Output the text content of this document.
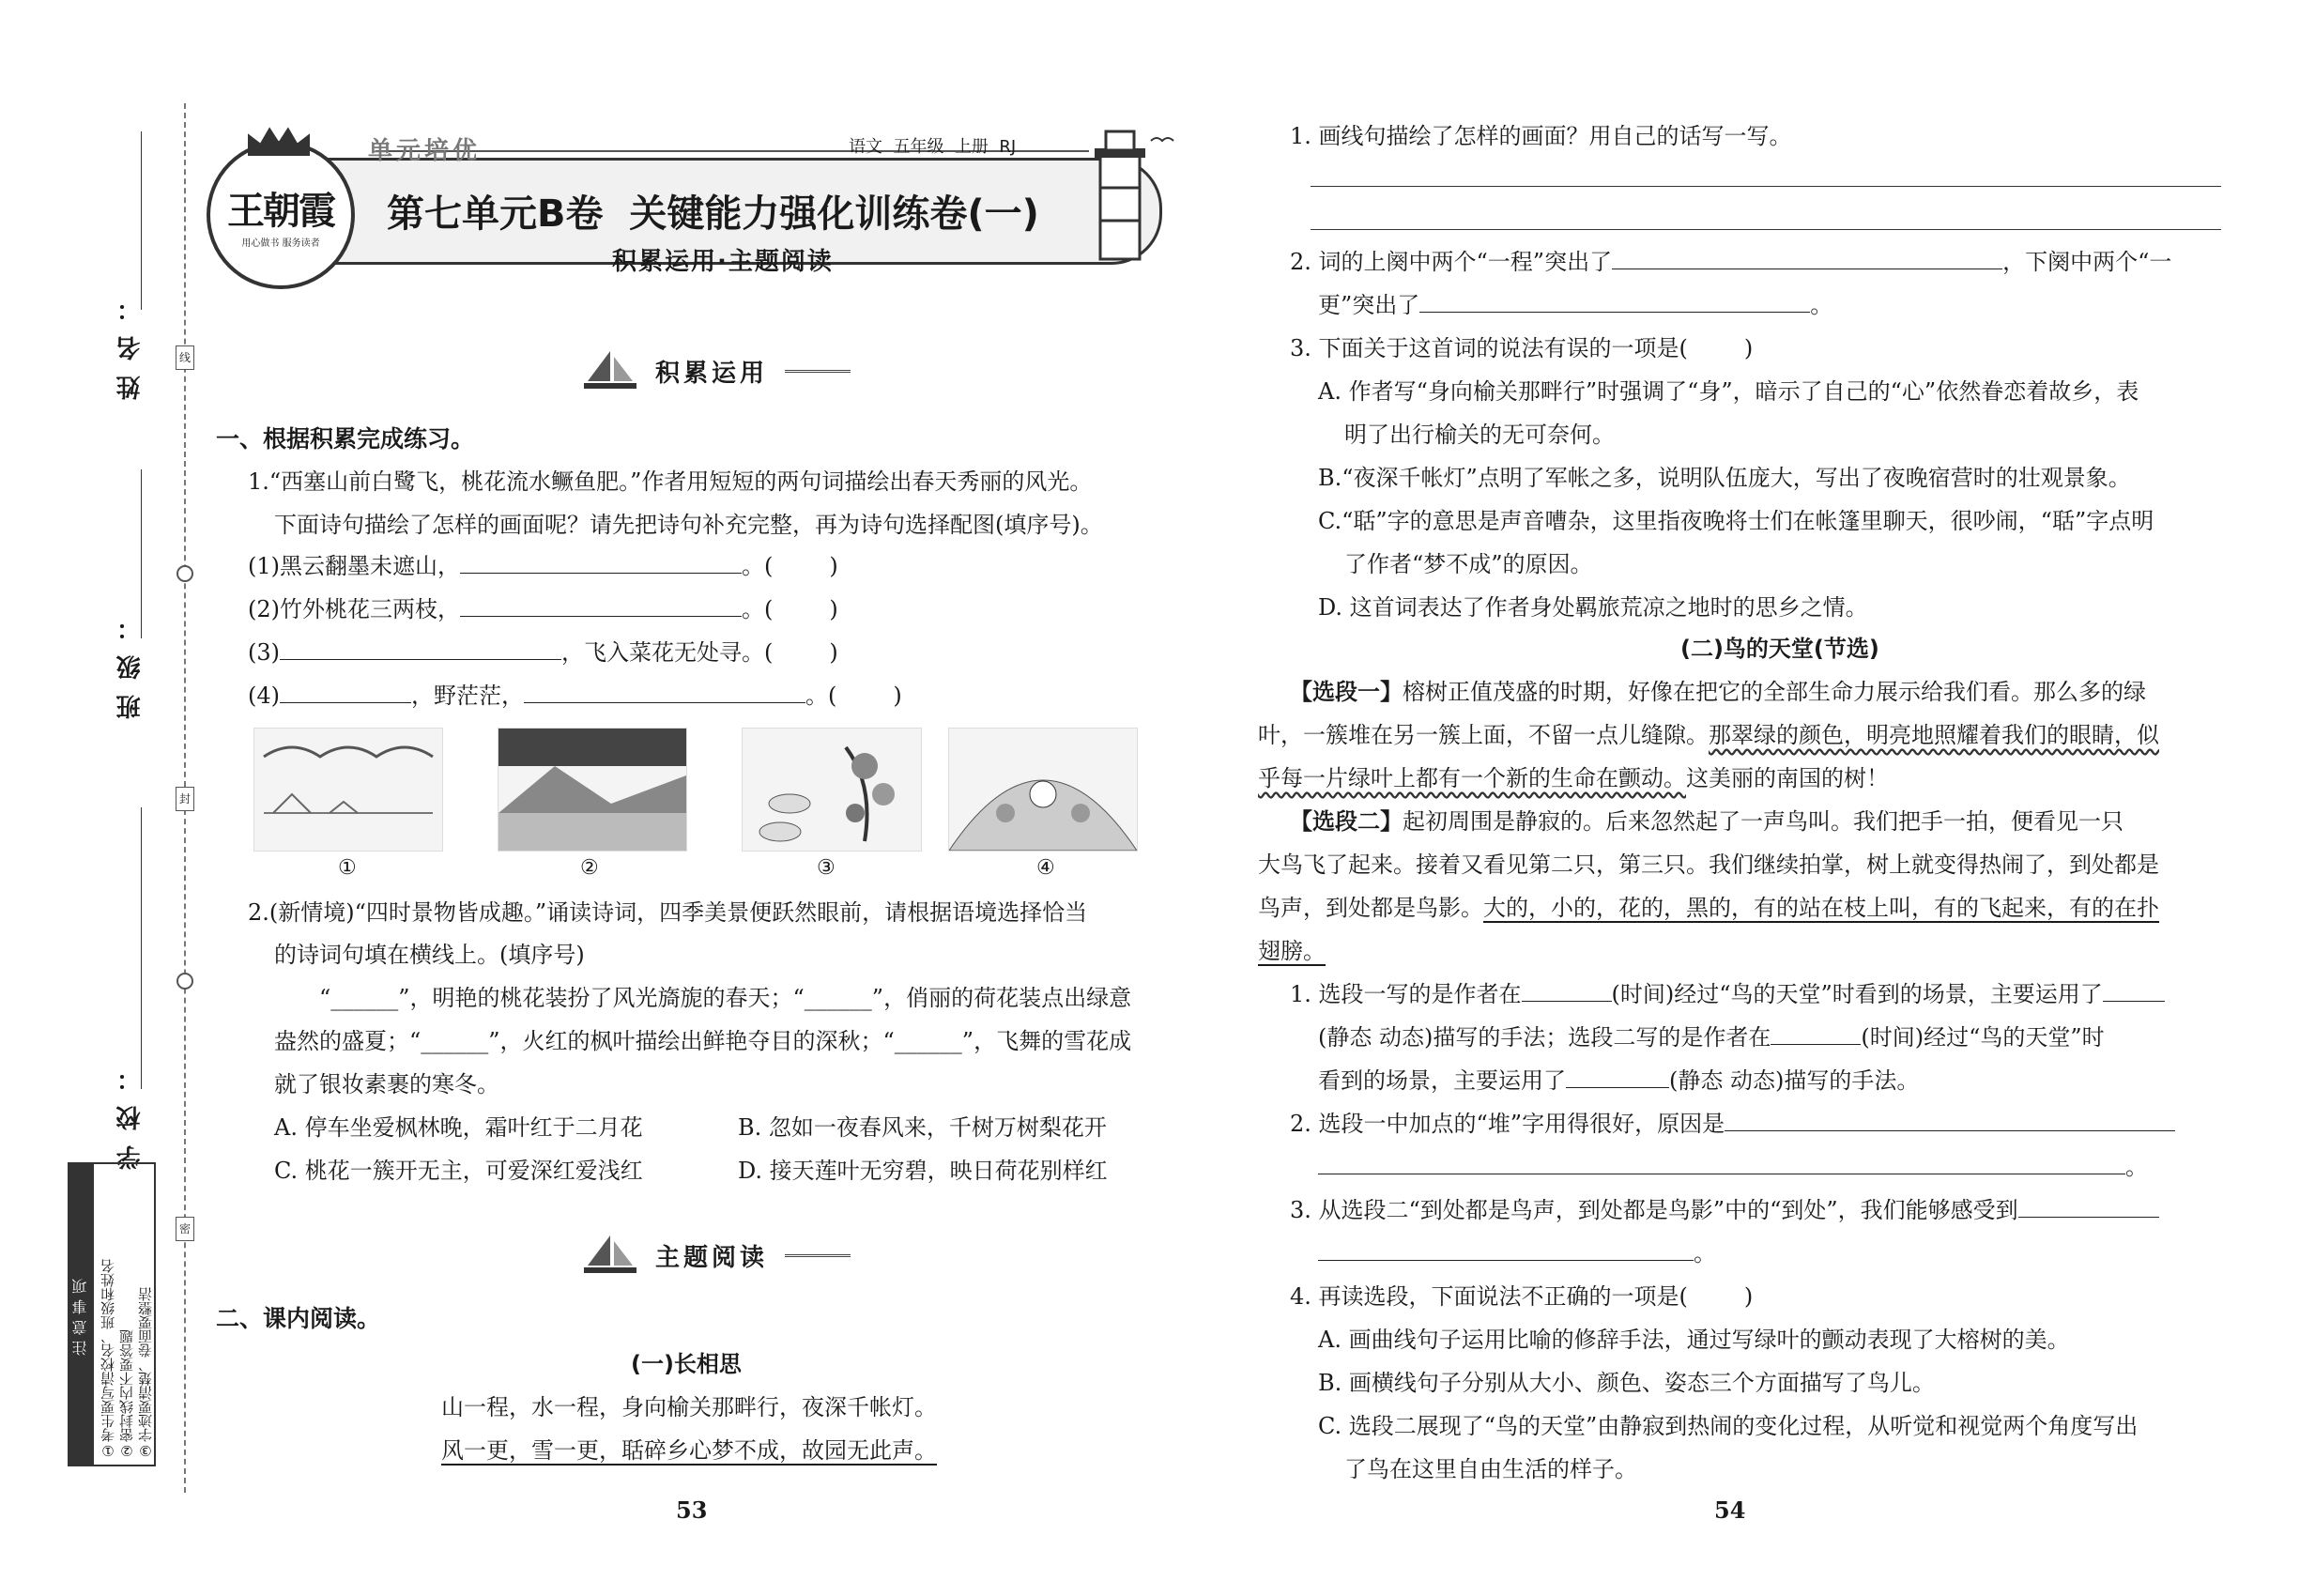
姓名：
班级：
学校：
线
封
密
注意事项 ①考生要写清校名、班级和姓名 ②密封线内不要答题 ③字迹要清楚、卷面要整洁
单元培优	语文  五年级  上册  RJ
王朝霞
用心做书 服务读者
第七单元B卷  关键能力强化训练卷(一)
积累运用·主题阅读
积累运用
一、根据积累完成练习。
1.“西塞山前白鹭飞，桃花流水鳜鱼肥。”作者用短短的两句词描绘出春天秀丽的风光。
下面诗句描绘了怎样的画面呢？请先把诗句补充完整，再为诗句选择配图(填序号)。
(1)黑云翻墨未遮山，	。(	)
(2)竹外桃花三两枝，	。(	)
(3)	，飞入菜花无处寻。(	)
(4)	，野茫茫，	。(	)
①	②	③	④
2.(新情境)“四时景物皆成趣。”诵读诗词，四季美景便跃然眼前，请根据语境选择恰当
的诗词句填在横线上。(填序号)
“______”，明艳的桃花装扮了风光旖旎的春天；“______”，俏丽的荷花装点出绿意
盎然的盛夏；“______”，火红的枫叶描绘出鲜艳夺目的深秋；“______”，飞舞的雪花成
就了银妆素裹的寒冬。
A. 停车坐爱枫林晚，霜叶红于二月花	B. 忽如一夜春风来，千树万树梨花开
C. 桃花一簇开无主，可爱深红爱浅红	D. 接天莲叶无穷碧，映日荷花别样红
主题阅读
二、课内阅读。
(一)长相思
山一程，水一程，身向榆关那畔行，夜深千帐灯。
风一更，雪一更，聒碎乡心梦不成，故园无此声。
53
1. 画线句描绘了怎样的画面？用自己的话写一写。
2. 词的上阕中两个“一程”突出了	，下阕中两个“一
更”突出了	。
3. 下面关于这首词的说法有误的一项是(	)
A. 作者写“身向榆关那畔行”时强调了“身”，暗示了自己的“心”依然眷恋着故乡，表
明了出行榆关的无可奈何。
B.“夜深千帐灯”点明了军帐之多，说明队伍庞大，写出了夜晚宿营时的壮观景象。
C.“聒”字的意思是声音嘈杂，这里指夜晚将士们在帐篷里聊天，很吵闹，“聒”字点明
了作者“梦不成”的原因。
D. 这首词表达了作者身处羁旅荒凉之地时的思乡之情。
(二)鸟的天堂(节选)
【选段一】榕树正值茂盛的时期，好像在把它的全部生命力展示给我们看。那么多的绿
叶，一簇堆在另一簇上面，不留一点儿缝隙。那翠绿的颜色，明亮地照耀着我们的眼睛，似
乎每一片绿叶上都有一个新的生命在颤动。这美丽的南国的树！
【选段二】起初周围是静寂的。后来忽然起了一声鸟叫。我们把手一拍，便看见一只
大鸟飞了起来。接着又看见第二只，第三只。我们继续拍掌，树上就变得热闹了，到处都是
鸟声，到处都是鸟影。大的，小的，花的，黑的，有的站在枝上叫，有的飞起来，有的在扑
翅膀。
1. 选段一写的是作者在	(时间)经过“鸟的天堂”时看到的场景，主要运用了
(静态 动态)描写的手法；选段二写的是作者在	(时间)经过“鸟的天堂”时
看到的场景，主要运用了	(静态 动态)描写的手法。
2. 选段一中加点的“堆”字用得很好，原因是
。
3. 从选段二“到处都是鸟声，到处都是鸟影”中的“到处”，我们能够感受到
。
4. 再读选段，下面说法不正确的一项是(	)
A. 画曲线句子运用比喻的修辞手法，通过写绿叶的颤动表现了大榕树的美。
B. 画横线句子分别从大小、颜色、姿态三个方面描写了鸟儿。
C. 选段二展现了“鸟的天堂”由静寂到热闹的变化过程，从听觉和视觉两个角度写出
了鸟在这里自由生活的样子。
54
